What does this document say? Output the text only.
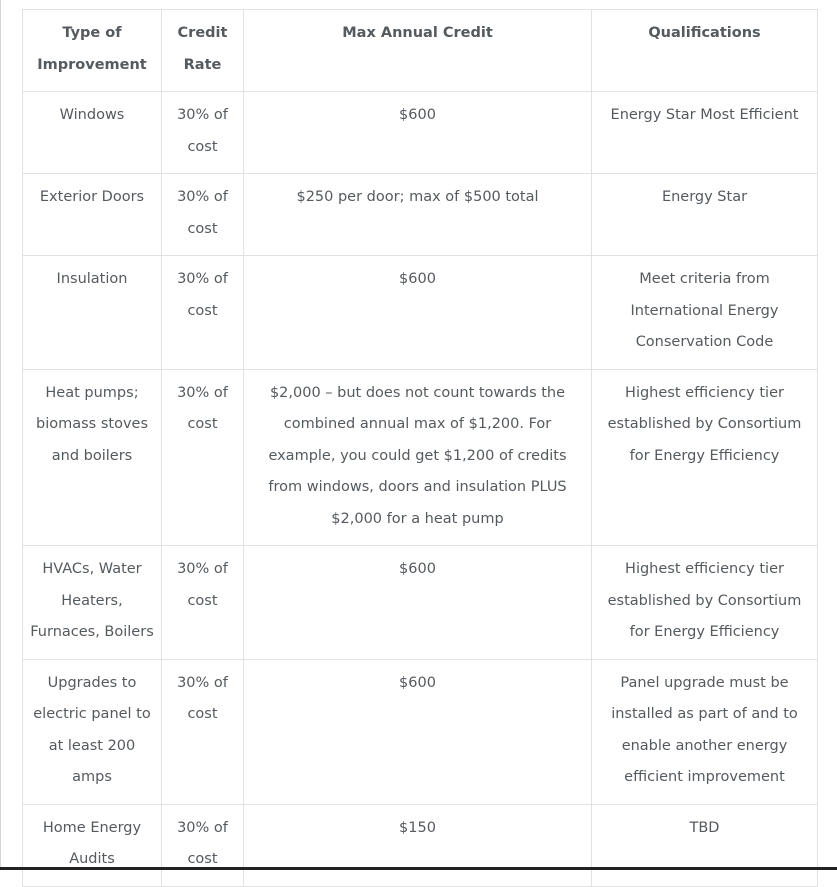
Type of Improvement	Credit Rate	Max Annual Credit	Qualifications
Windows	30% of cost	$600	Energy Star Most Efficient
Exterior Doors	30% of cost	$250 per door; max of $500 total	Energy Star
Insulation	30% of cost	$600	Meet criteria from International Energy Conservation Code
Heat pumps; biomass stoves and boilers	30% of cost	$2,000 – but does not count towards the combined annual max of $1,200. For example, you could get $1,200 of credits from windows, doors and insulation PLUS $2,000 for a heat pump	Highest efficiency tier established by Consortium for Energy Efficiency
HVACs, Water Heaters, Furnaces, Boilers	30% of cost	$600	Highest efficiency tier established by Consortium for Energy Efficiency
Upgrades to electric panel to at least 200 amps	30% of cost	$600	Panel upgrade must be installed as part of and to enable another energy efficient improvement
Home Energy Audits	30% of cost	$150	TBD
